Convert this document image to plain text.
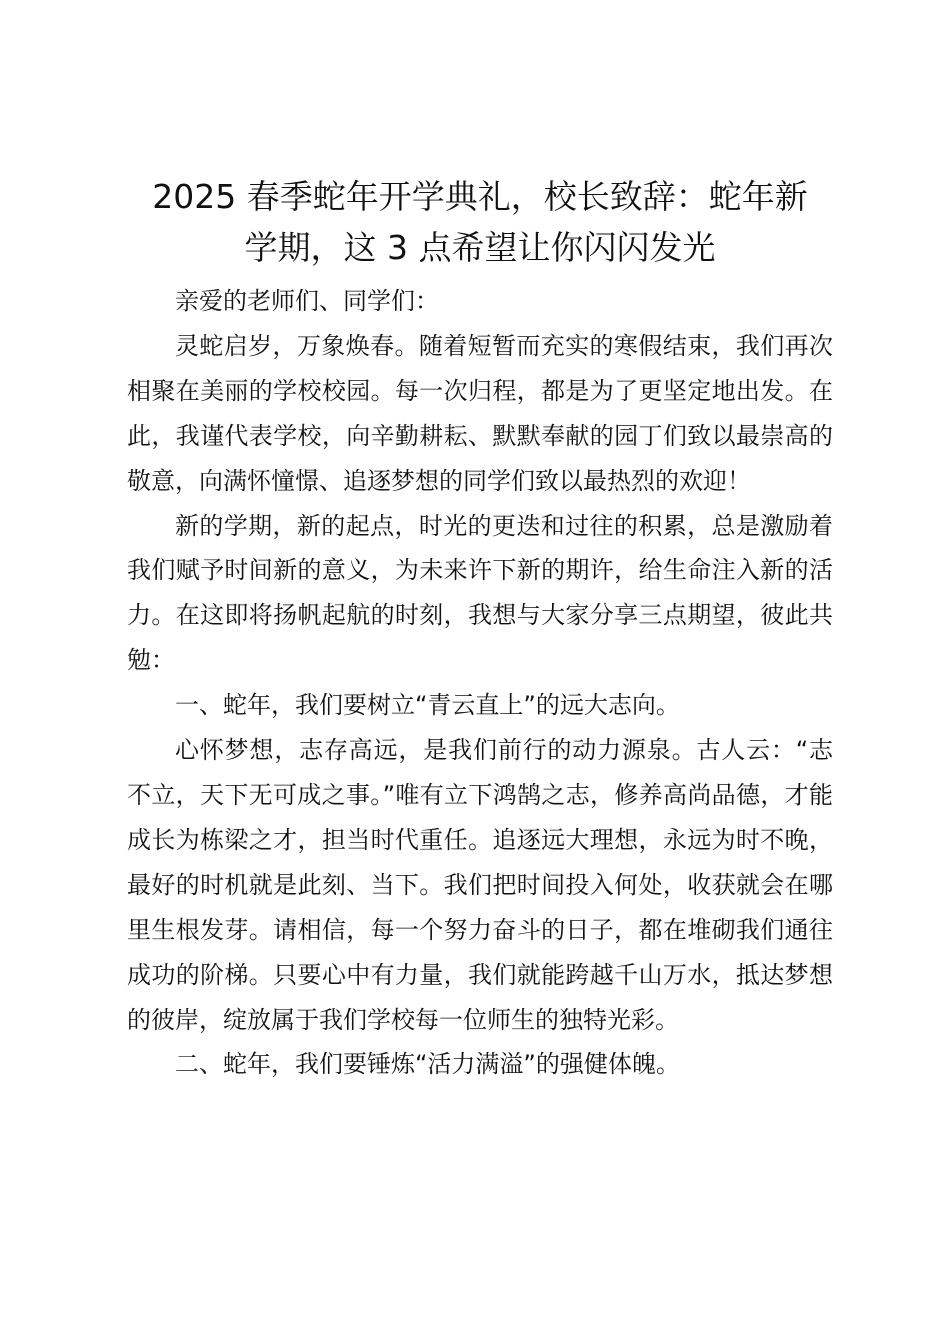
2025 春季蛇年开学典礼，校长致辞：蛇年新
学期，这 3 点希望让你闪闪发光

亲爱的老师们、同学们：

灵蛇启岁，万象焕春。随着短暂而充实的寒假结束，我们再次相聚在美丽的学校校园。每一次归程，都是为了更坚定地出发。在此，我谨代表学校，向辛勤耕耘、默默奉献的园丁们致以最崇高的敬意，向满怀憧憬、追逐梦想的同学们致以最热烈的欢迎！

新的学期，新的起点，时光的更迭和过往的积累，总是激励着我们赋予时间新的意义，为未来许下新的期许，给生命注入新的活力。在这即将扬帆起航的时刻，我想与大家分享三点期望，彼此共勉：

一、蛇年，我们要树立“青云直上”的远大志向。

心怀梦想，志存高远，是我们前行的动力源泉。古人云：“志不立，天下无可成之事。”唯有立下鸿鹄之志，修养高尚品德，才能成长为栋梁之才，担当时代重任。追逐远大理想，永远为时不晚，最好的时机就是此刻、当下。我们把时间投入何处，收获就会在哪里生根发芽。请相信，每一个努力奋斗的日子，都在堆砌我们通往成功的阶梯。只要心中有力量，我们就能跨越千山万水，抵达梦想的彼岸，绽放属于我们学校每一位师生的独特光彩。

二、蛇年，我们要锤炼“活力满溢”的强健体魄。
